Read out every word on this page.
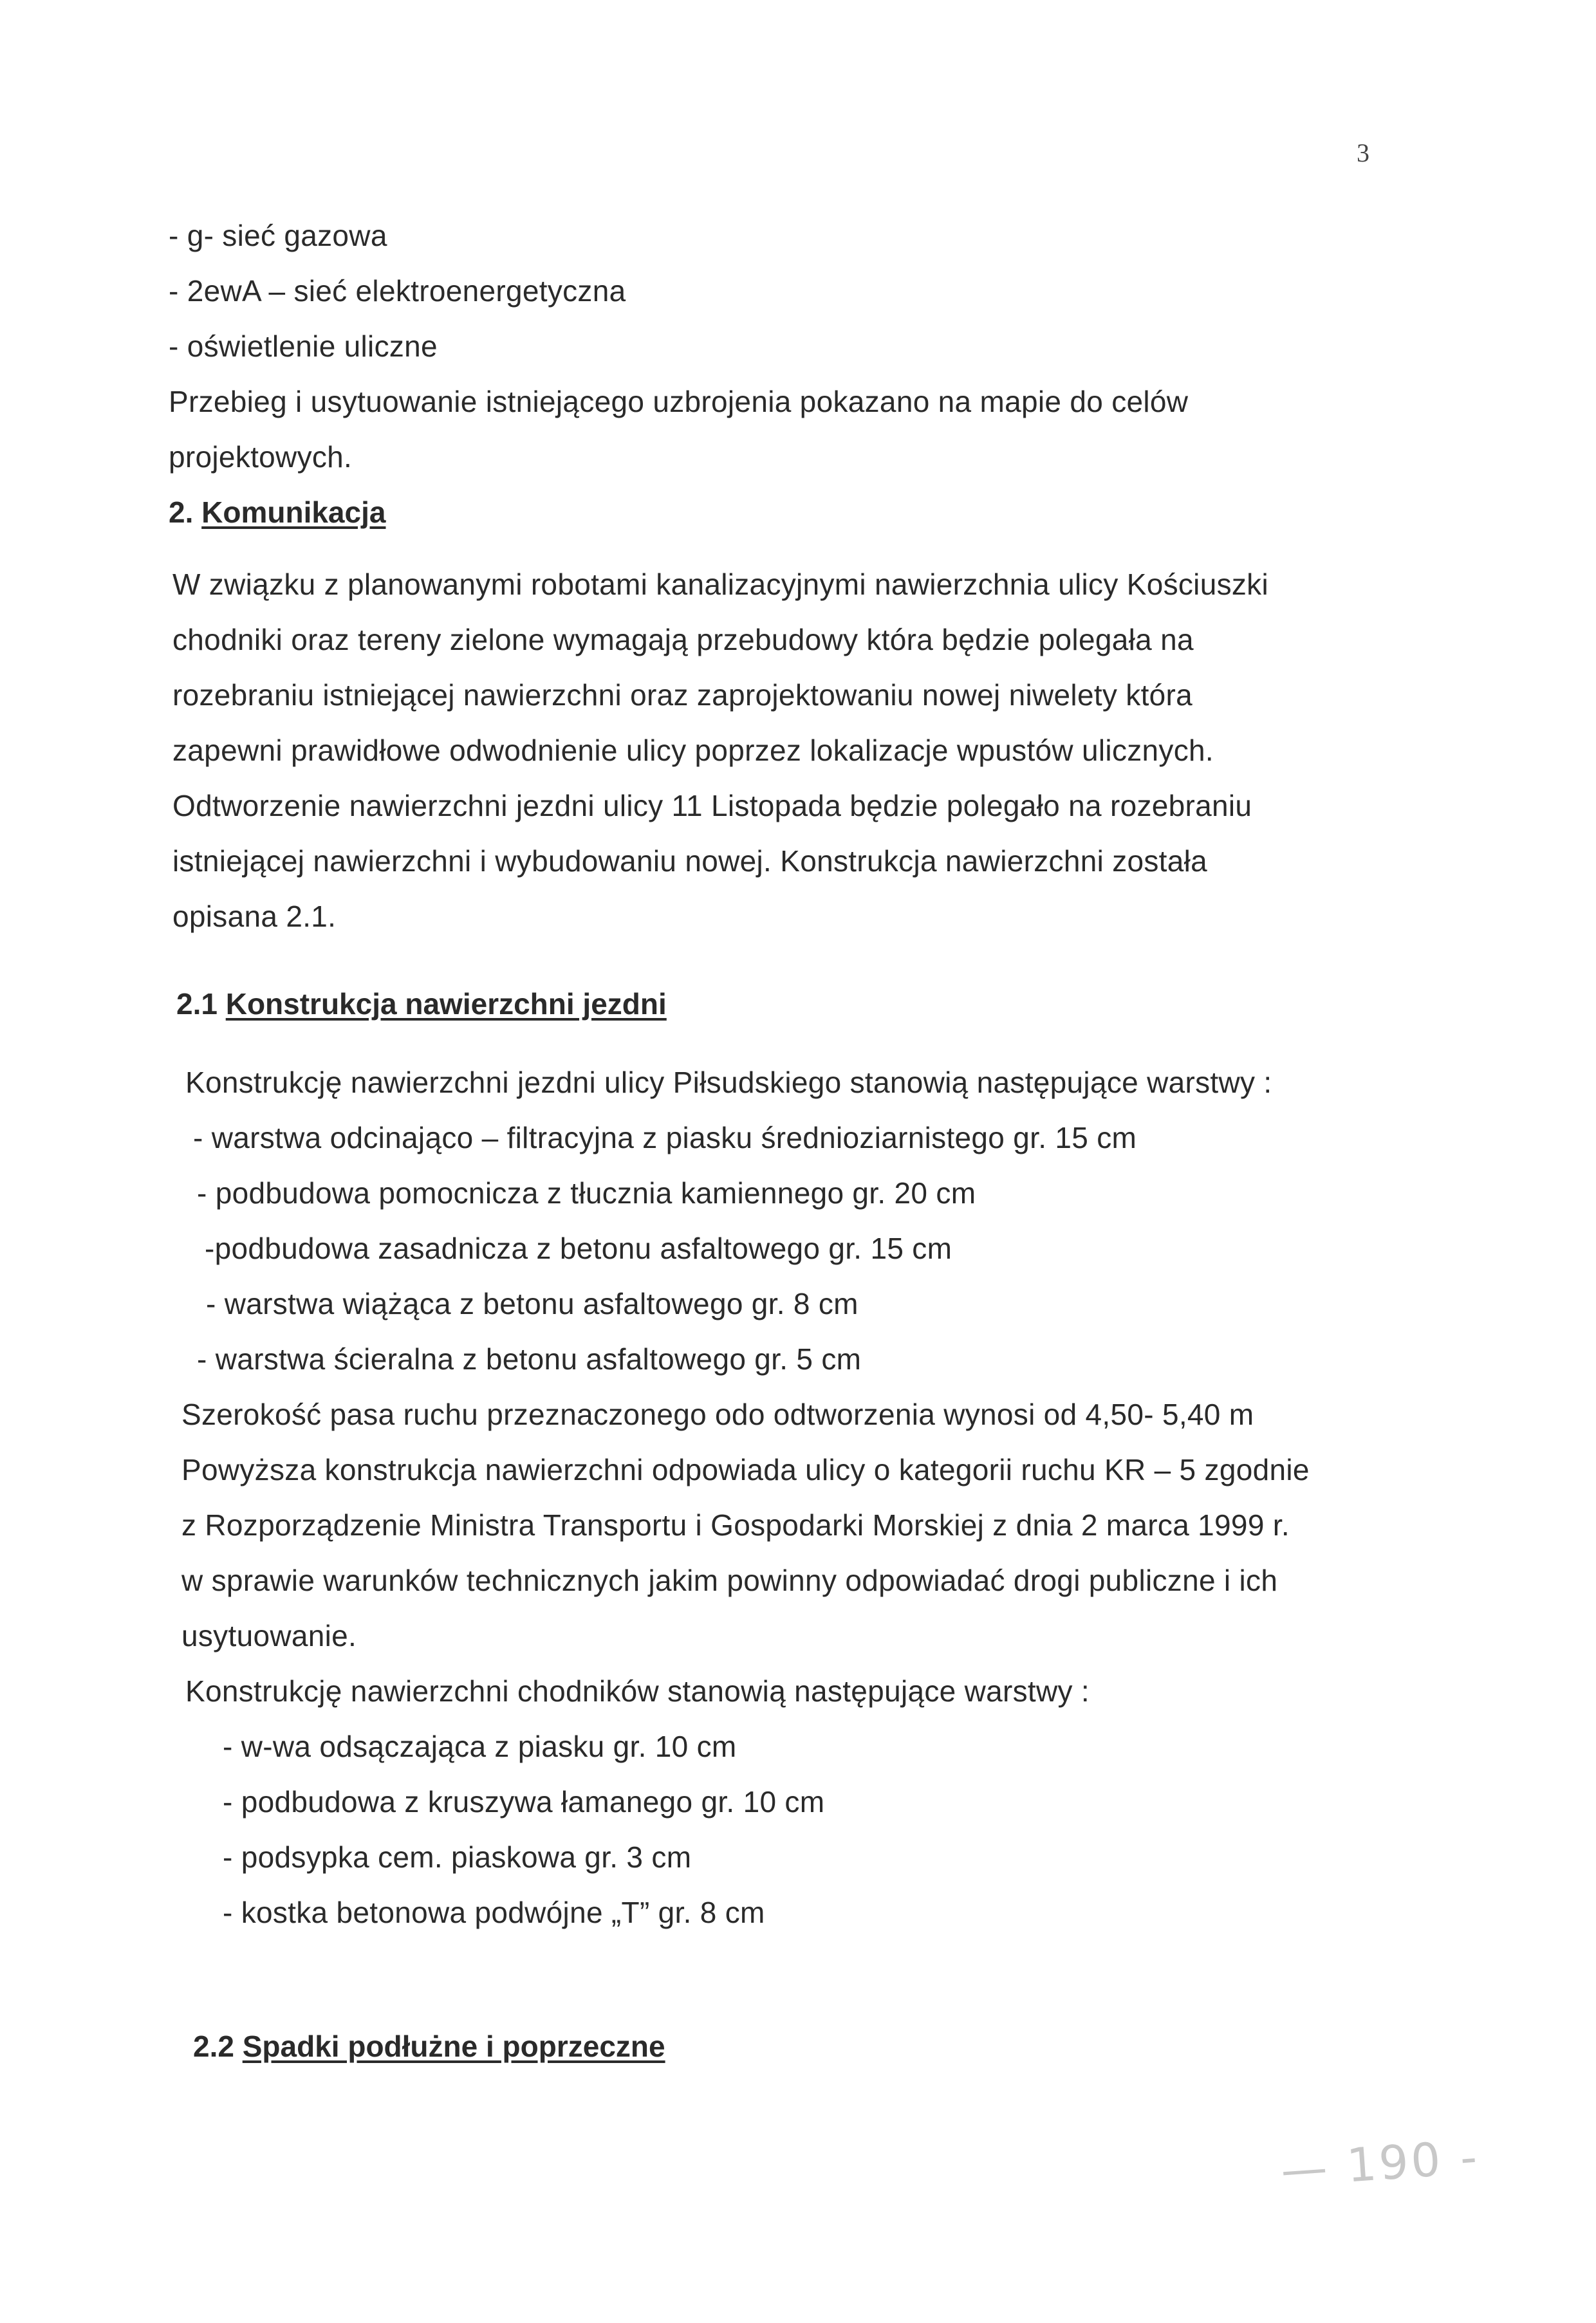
3
- g- sieć gazowa
- 2ewA – sieć elektroenergetyczna
- oświetlenie uliczne
Przebieg i usytuowanie istniejącego uzbrojenia pokazano na mapie do celów
projektowych.
2. Komunikacja
W związku z planowanymi robotami kanalizacyjnymi nawierzchnia ulicy Kościuszki
chodniki oraz tereny zielone wymagają przebudowy która będzie polegała na
rozebraniu istniejącej nawierzchni oraz zaprojektowaniu nowej niwelety która
zapewni prawidłowe odwodnienie ulicy poprzez lokalizacje wpustów ulicznych.
Odtworzenie nawierzchni jezdni ulicy 11 Listopada będzie polegało na rozebraniu
istniejącej nawierzchni i wybudowaniu nowej. Konstrukcja nawierzchni została
opisana 2.1.
2.1 Konstrukcja nawierzchni jezdni
Konstrukcję nawierzchni jezdni ulicy Piłsudskiego stanowią następujące warstwy :
- warstwa odcinająco – filtracyjna z piasku średnioziarnistego gr. 15 cm
- podbudowa pomocnicza z tłucznia kamiennego gr. 20 cm
-podbudowa zasadnicza z betonu asfaltowego gr. 15 cm
- warstwa wiążąca z betonu asfaltowego gr. 8 cm
- warstwa ścieralna z betonu asfaltowego gr. 5 cm
Szerokość pasa ruchu przeznaczonego odo odtworzenia wynosi od 4,50- 5,40 m
Powyższa konstrukcja nawierzchni odpowiada ulicy o kategorii ruchu KR – 5 zgodnie
z Rozporządzenie Ministra Transportu i Gospodarki Morskiej z dnia 2 marca 1999 r.
w sprawie warunków technicznych jakim powinny odpowiadać drogi publiczne i ich
usytuowanie.
Konstrukcję nawierzchni chodników stanowią następujące warstwy :
- w-wa odsączająca z piasku gr. 10 cm
- podbudowa z kruszywa łamanego gr. 10 cm
- podsypka cem. piaskowa gr. 3 cm
- kostka betonowa podwójne „T” gr. 8 cm
2.2 Spadki podłużne i poprzeczne
— 190 -
